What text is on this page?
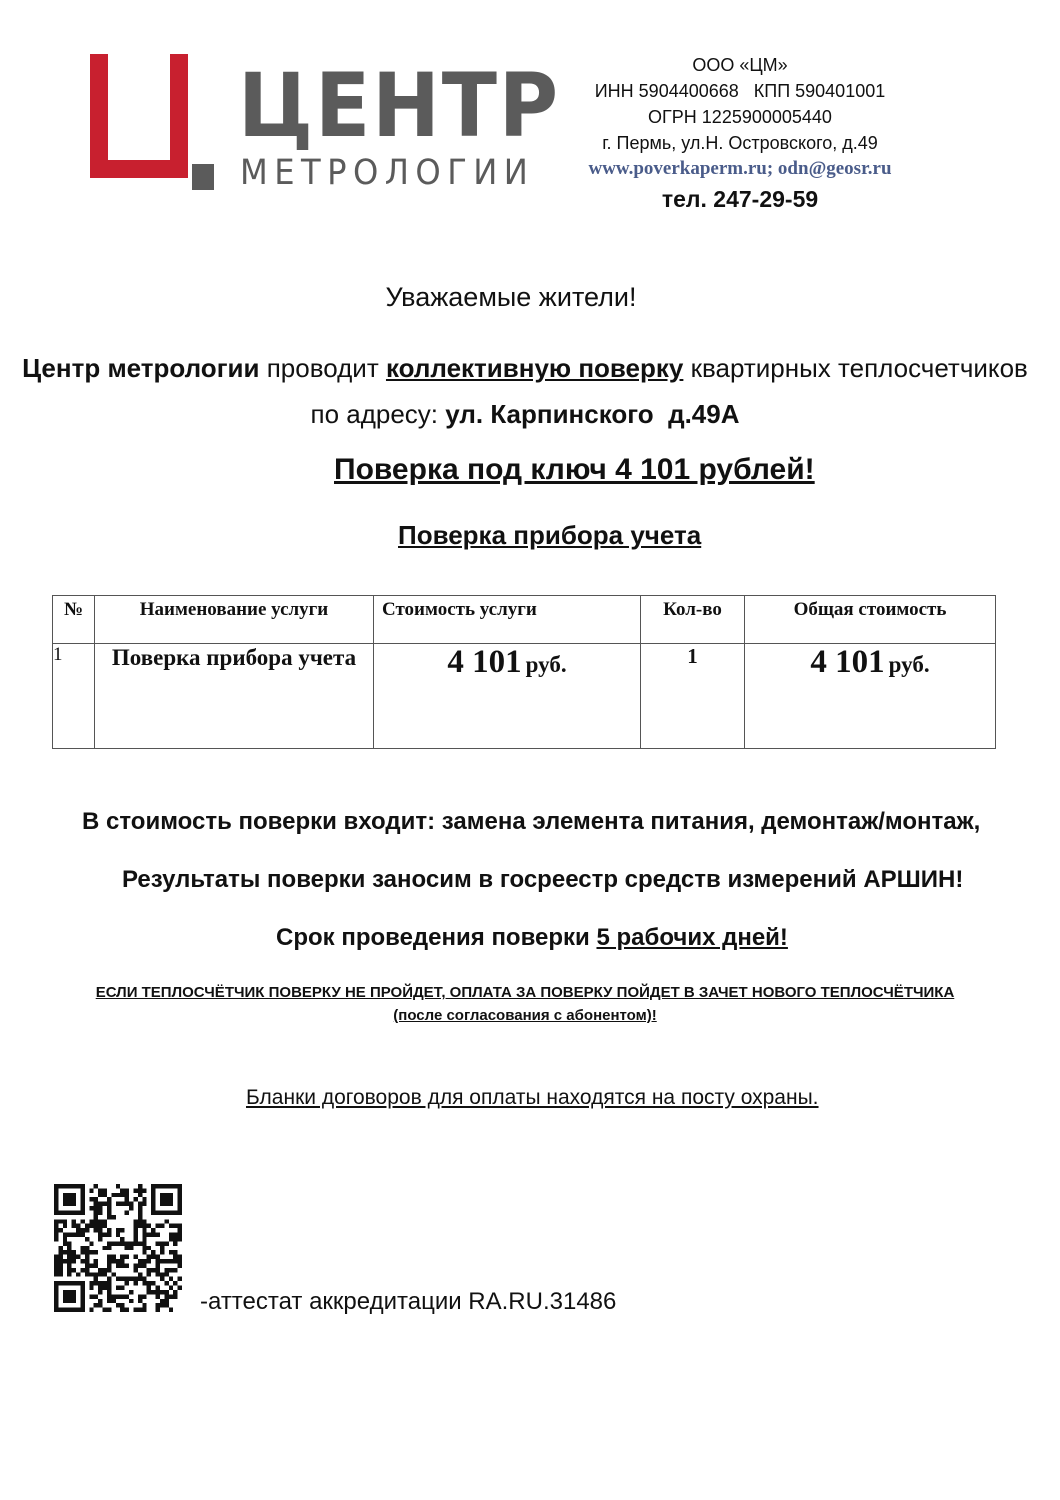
ЦЕНТР
МЕТРОЛОГИИ
ООО «ЦМ»
ИНН 5904400668   КПП 590401001
ОГРН 1225900005440
г. Пермь, ул.Н. Островского, д.49
www.poverkaperm.ru; odn@geosr.ru
тел. 247-29-59
Уважаемые жители!
Центр метрологии проводит коллективную поверку квартирных теплосчетчиков по адресу: ул. Карпинского  д.49А
Поверка под ключ 4 101 рублей!
Поверка прибора учета
№	Наименование услуги	Стоимость услуги	Кол-во	Общая стоимость
1	Поверка прибора учета	4 101 руб.	1	4 101 руб.
В стоимость поверки входит: замена элемента питания, демонтаж/монтаж,
Результаты поверки заносим в госреестр средств измерений АРШИН!
Срок проведения поверки 5 рабочих дней!
ЕСЛИ ТЕПЛОСЧЁТЧИК ПОВЕРКУ НЕ ПРОЙДЕТ, ОПЛАТА ЗА ПОВЕРКУ ПОЙДЕТ В ЗАЧЕТ НОВОГО ТЕПЛОСЧЁТЧИКА
(после согласования с абонентом)!
Бланки договоров для оплаты находятся на посту охраны.
-аттестат аккредитации RA.RU.31486
